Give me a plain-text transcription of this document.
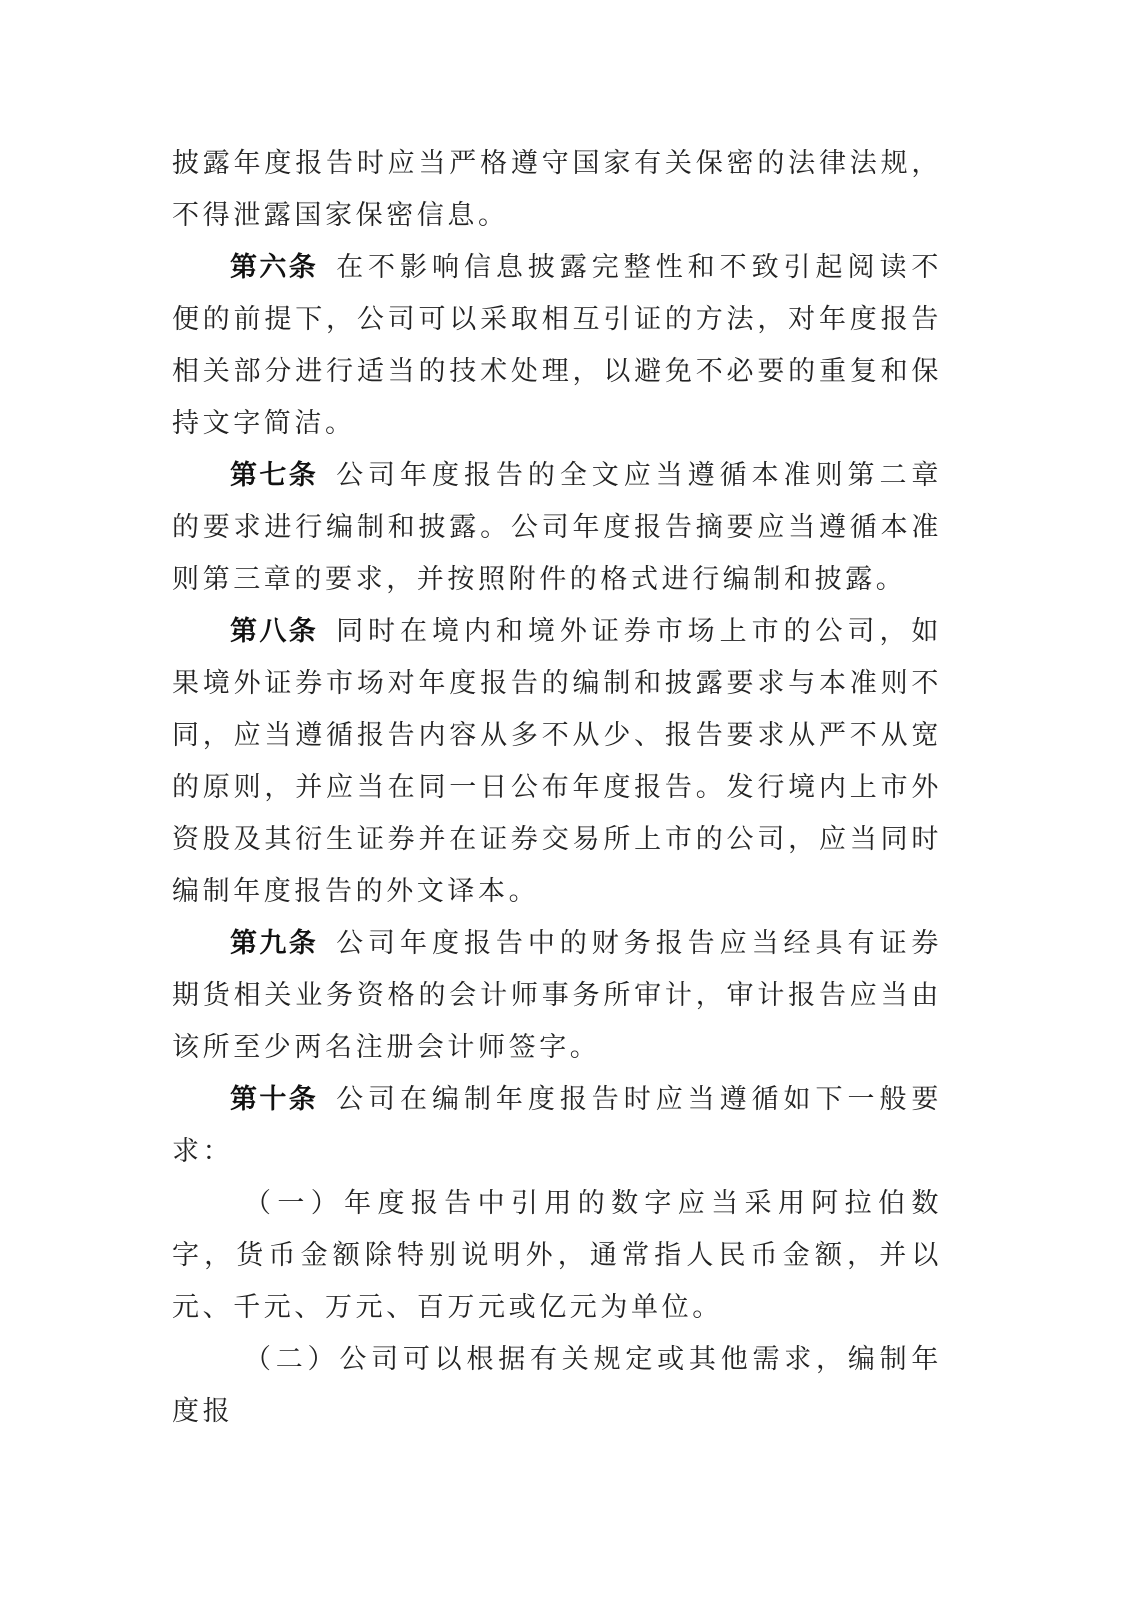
披露年度报告时应当严格遵守国家有关保密的法律法规，不得泄露国家保密信息。

第六条 在不影响信息披露完整性和不致引起阅读不便的前提下，公司可以采取相互引证的方法，对年度报告相关部分进行适当的技术处理，以避免不必要的重复和保持文字简洁。

第七条 公司年度报告的全文应当遵循本准则第二章的要求进行编制和披露。公司年度报告摘要应当遵循本准则第三章的要求，并按照附件的格式进行编制和披露。

第八条 同时在境内和境外证券市场上市的公司，如果境外证券市场对年度报告的编制和披露要求与本准则不同，应当遵循报告内容从多不从少、报告要求从严不从宽的原则，并应当在同一日公布年度报告。发行境内上市外资股及其衍生证券并在证券交易所上市的公司，应当同时编制年度报告的外文译本。

第九条 公司年度报告中的财务报告应当经具有证券期货相关业务资格的会计师事务所审计，审计报告应当由该所至少两名注册会计师签字。

第十条 公司在编制年度报告时应当遵循如下一般要求：

（一）年度报告中引用的数字应当采用阿拉伯数字，货币金额除特别说明外，通常指人民币金额，并以元、千元、万元、百万元或亿元为单位。

（二）公司可以根据有关规定或其他需求，编制年度报
